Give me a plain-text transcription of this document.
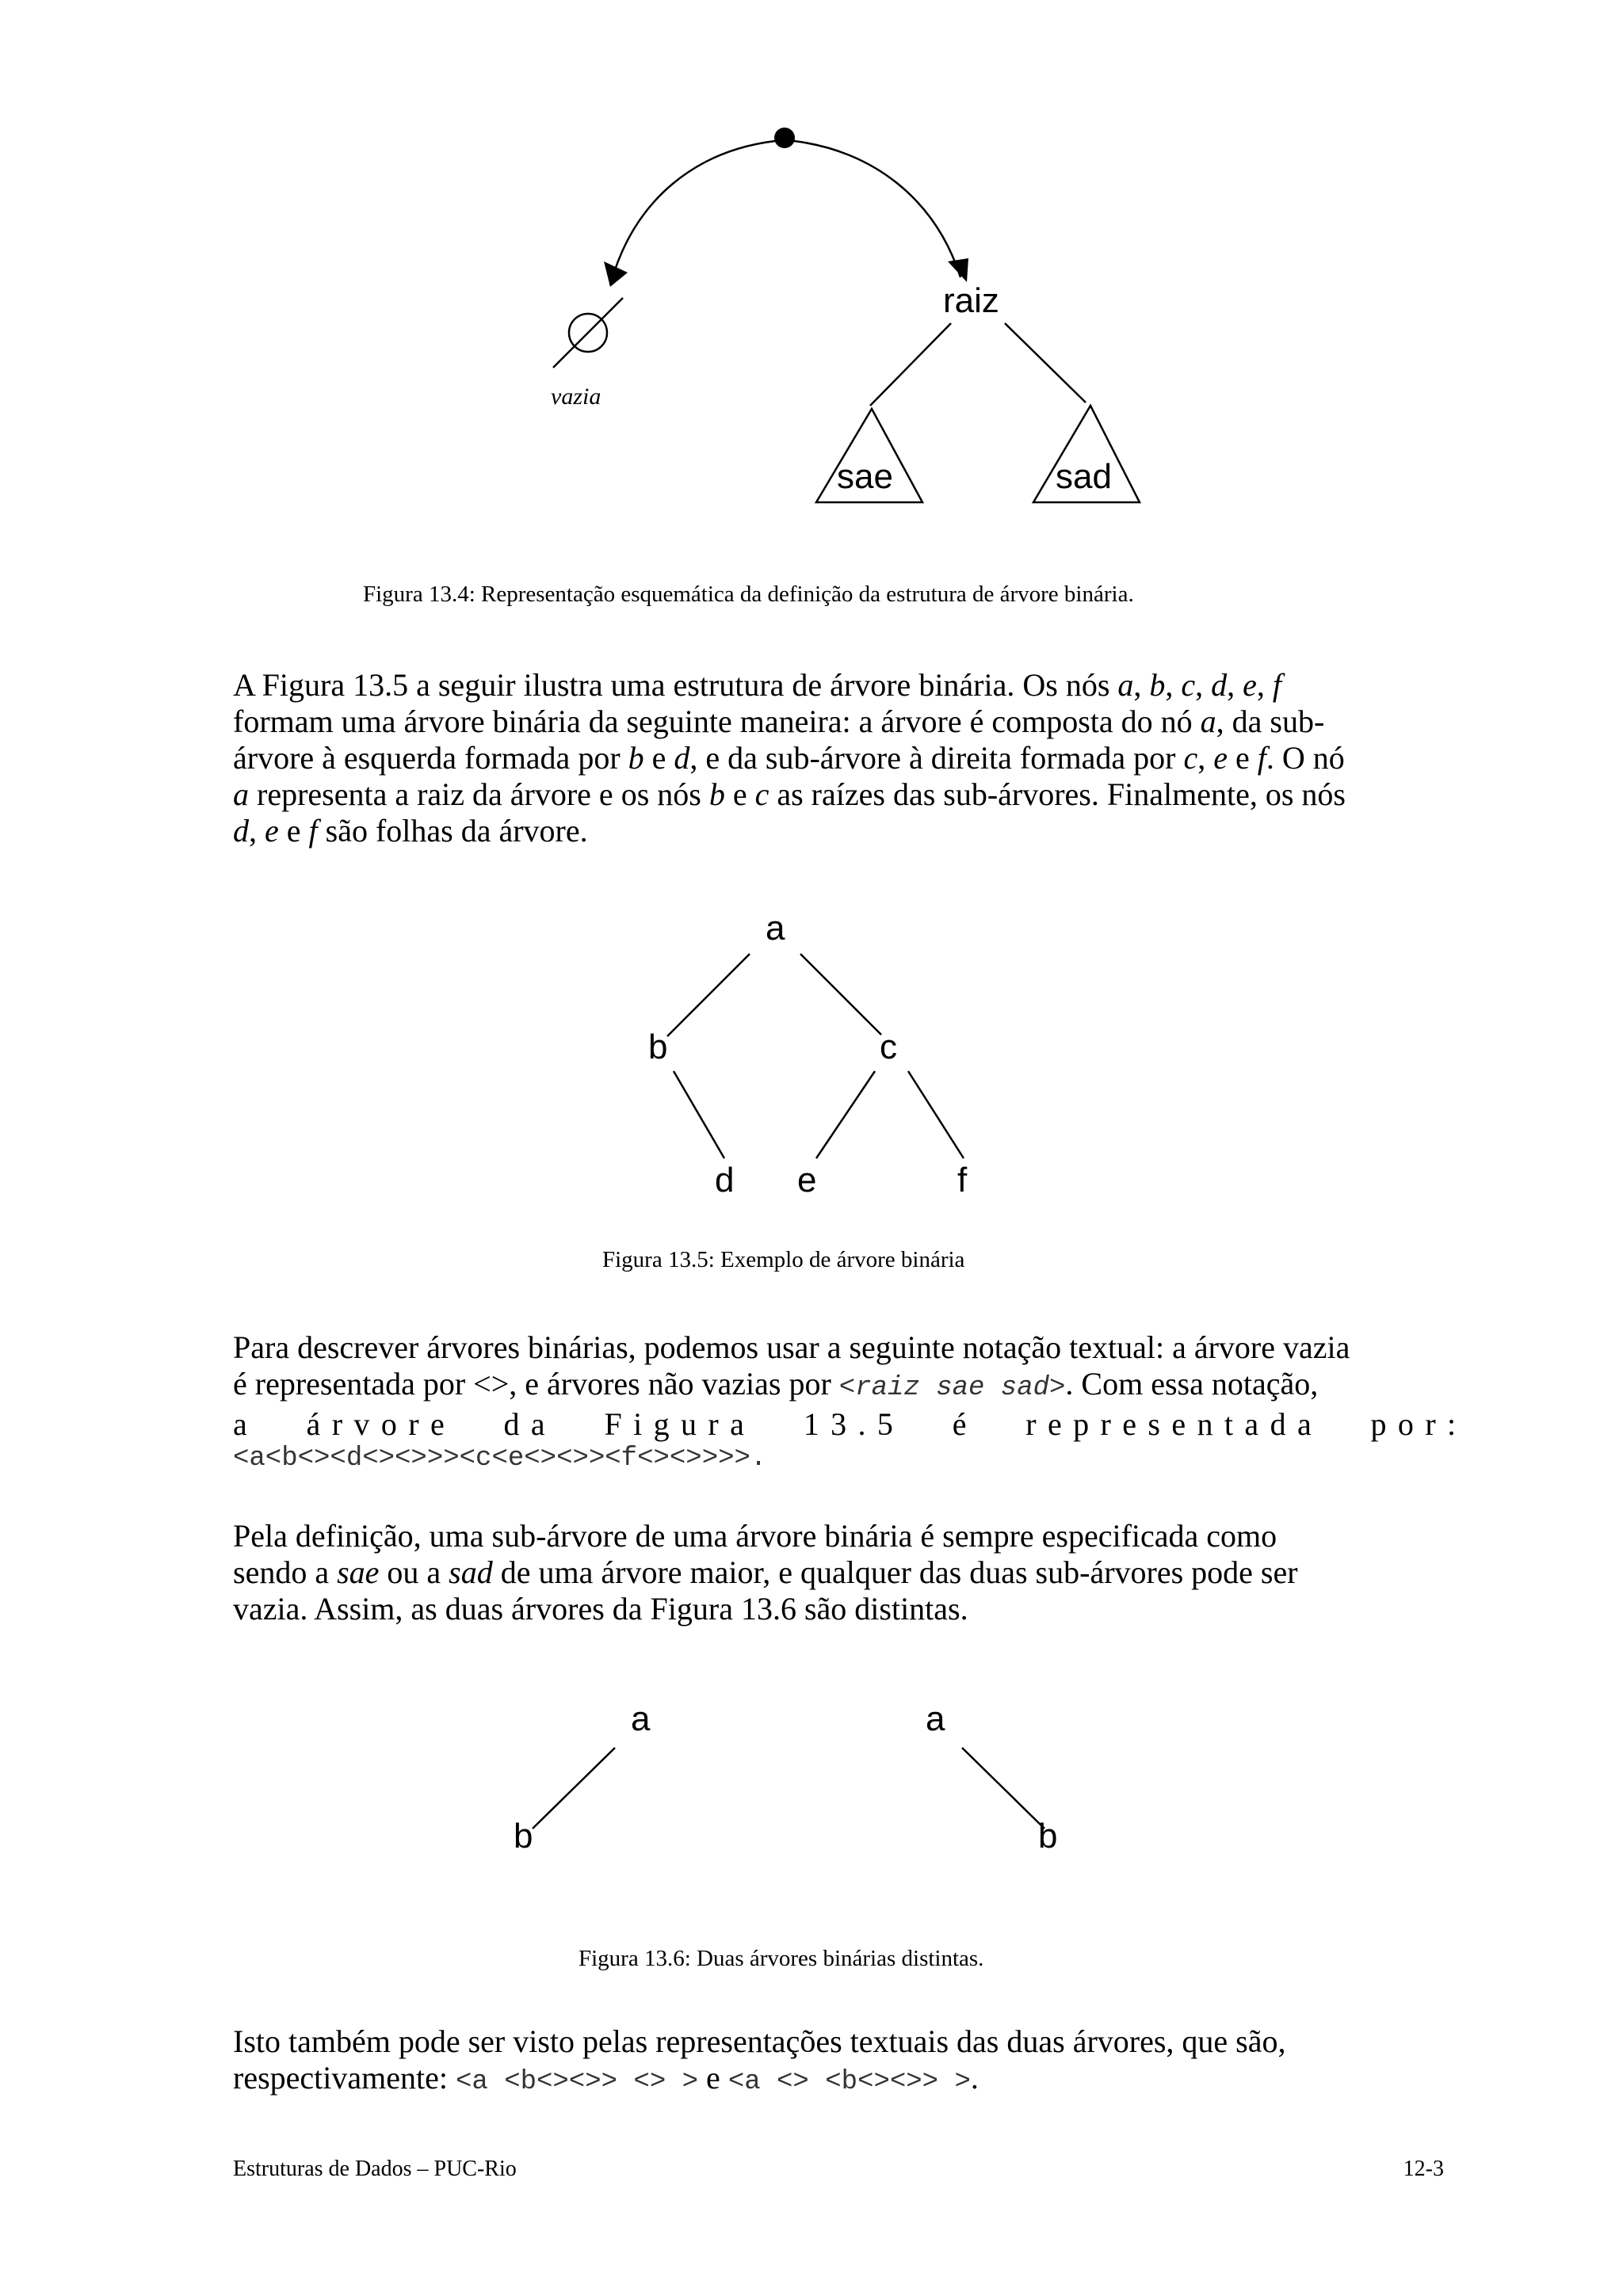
vazia
raiz
sae	sad
Figura 13.4: Representação esquemática da definição da estrutura de árvore binária.
A Figura 13.5 a seguir ilustra uma estrutura de árvore binária. Os nós a, b, c, d, e, f
formam uma árvore binária da seguinte maneira: a árvore é composta do nó a, da sub-
árvore à esquerda formada por b e d, e da sub-árvore à direita formada por c, e e f. O nó
a representa a raiz da árvore e os nós b e c as raízes das sub-árvores. Finalmente, os nós
d, e e f são folhas da árvore.
a
b	c
d e	f
Figura 13.5: Exemplo de árvore binária
Para descrever árvores binárias, podemos usar a seguinte notação textual: a árvore vazia
é representada por <>, e árvores não vazias por <raiz sae sad>. Com essa notação,
a árvore da Figura 13.5 é representada por:
<a<b<><d<><>>><c<e<><>><f<><>>>>.
Pela definição, uma sub-árvore de uma árvore binária é sempre especificada como
sendo a sae ou a sad de uma árvore maior, e qualquer das duas sub-árvores pode ser
vazia. Assim, as duas árvores da Figura 13.6 são distintas.
a
b
a
b
Figura 13.6: Duas árvores binárias distintas.
Isto também pode ser visto pelas representações textuais das duas árvores, que são,
respectivamente: <a <b<><>> <> > e <a <> <b<><>> >.
Estruturas de Dados – PUC-Rio	12-3
